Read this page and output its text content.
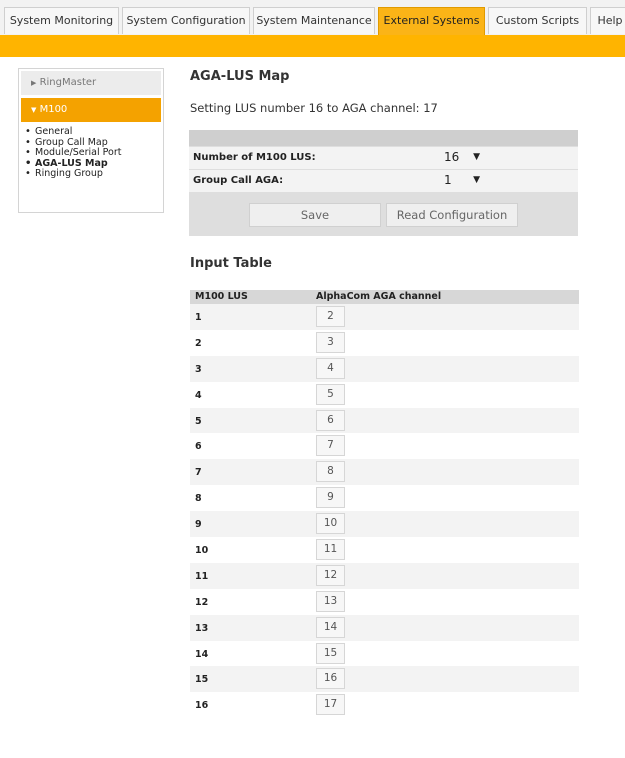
System Monitoring	System Configuration System Maintenance	External Systems	Custom Scripts	Help
▶ RingMaster
▼ M100
• General
• Group Call Map
• Module/Serial Port
• AGA-LUS Map
• Ringing Group
AGA-LUS Map
Setting LUS number 16 to AGA channel: 17
Number of M100 LUS:	16 ▼
Group Call AGA:	1 ▼
Save	Read Configuration
Input Table
M100 LUS	AlphaCom AGA channel
1	2
2	3
3	4
4	5
5	6
6	7
7	8
8	9
9	10
10	11
11	12
12	13
13	14
14	15
15	16
16	17
